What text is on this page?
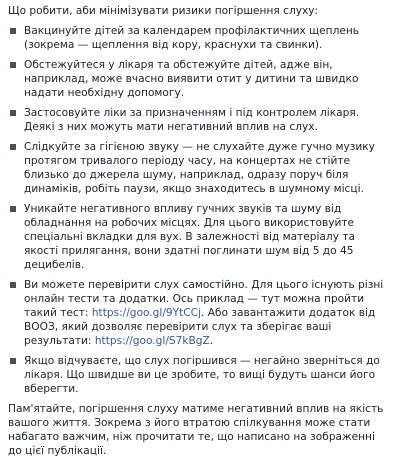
Що робити, аби мінімізувати ризики погіршення слуху:

Вакцинуйте дітей за календарем профілактичних щеплень (зокрема — щеплення від кору, краснухи та свинки).
Обстежуйтеся у лікаря та обстежуйте дітей, адже він, наприклад, може вчасно виявити отит у дитини та швидко надати необхідну допомогу.
Застосовуйте ліки за призначенням і під контролем лікаря. Деякі з них можуть мати негативний вплив на слух.
Слідкуйте за гігієною звуку — не слухайте дуже гучно музику протягом тривалого періоду часу, на концертах не стійте близько до джерела шуму, наприклад, одразу поруч біля динаміків, робіть паузи, якщо знаходитесь в шумному місці.
Уникайте негативного впливу гучних звуків та шуму від обладнання на робочих місцях. Для цього використовуйте спеціальні вкладки для вух. В залежності від матеріалу та якості прилягання, вони здатні поглинати шум від 5 до 45 децибелів.
Ви можете перевірити слух самостійно. Для цього існують різні онлайн тести та додатки. Ось приклад — тут можна пройти такий тест: https://goo.gl/9YtCCj. Або завантажити додаток від ВООЗ, який дозволяє перевірити слух та зберігає ваші результати: https://goo.gl/S7kBgZ.
Якщо відчуваєте, що слух погіршився — негайно зверніться до лікаря. Що швидше ви це зробите, то вищі будуть шанси його вберегти.

Пам'ятайте, погіршення слуху матиме негативний вплив на якість вашого життя. Зокрема з його втратою спілкування може стати набагато важчим, ніж прочитати те, що написано на зображенні до цієї публікації.
